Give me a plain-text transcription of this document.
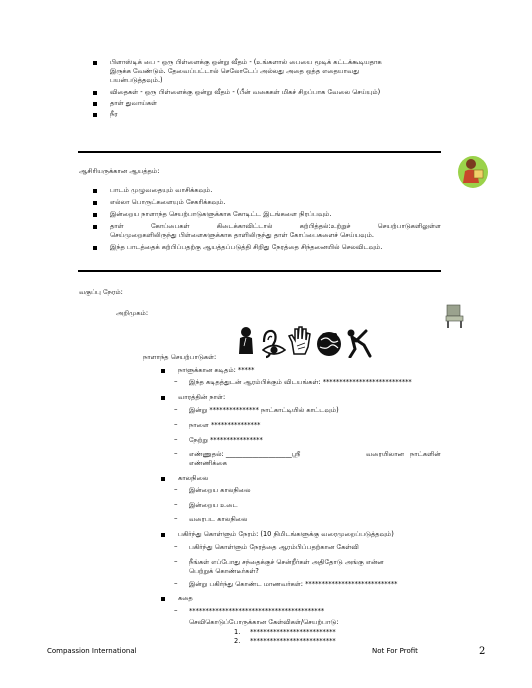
பிளாஸ்டிக் பை - ஒரு பிள்ளைக்கு ஒன்று வீதம் - (உங்களால் பையை மூடிக் கட்டக்கூடியதாக
இருக்க வேண்டும். தேவைப்பட்டால் செலோடேப் அல்லது அதை ஒத்த எதையாவது
பயன்படுத்தவும்.)
விதைகள் - ஒரு பிள்ளைக்கு ஒன்று வீதம் - (பீன் வகைகள் மிகச் சிறப்பாக வேலை செய்யும்)
தாள் துவாய்கள்
நீர
ஆசிரியருக்கான ஆயத்தம்:
பாடம் முழுவதையும் வாசிக்கவும்.
எல்லா பொருட்களையும் சேகரிக்கவும்.
இன்றைய நாளாந்த செயற்பாடுகளுக்காக கோடிட்ட இடங்களை நிரப்பவும்.
தாள் கோப்பைகள் கிடைக்காவிட்டால் கற்பித்தல்:உற்றுச் செயற்பாடுகளிலுள்ள
செய்முறைகளிலிருந்து பிள்ளைகளுக்காக தாளிலிருந்து தாள் கோப்பைகளைச் செய்யவும்.
இந்த பாடத்தைக் கற்பிப்பதற்கு ஆயத்தப்படுத்தி சிறிது நேரத்தை சிந்தனையில் செலவிடவும்.
வகுப்பு நேரம்:
அறிமுகம்:
நாளாந்த செயற்பாடுகள்:
நாளுக்கான கடிதம்: *****
– இந்த கடிதத்துடன் ஆரம்பிக்கும் விடயங்கள்: ***************************
வாரத்தின் நாள்:
– இன்று *************** நாட்காட்டியில் காட்டவும்)
– நாளை ***************
– நேற்று ****************
– எண்ணுதல்: ____________________ஸ்ரீ	வரையிலான நாட்களின்
எண்ணிக்கை
காலநிலை
– இன்றைய காலநிலை
– இன்றைய உடை
– வரைபட காலநிலை
பகிர்ந்து கொள்ளும் நேரம்: (10 நிமிடங்களுக்கு வரைமுறைப்படுத்தவும்)
– பகிர்ந்து கொள்ளும் நேரத்தை ஆரம்பிப்பதற்கான கேள்வி
– நீங்கள் எப்போது சந்தைக்குச் சென்றீர்கள் அதிதோடு அங்கு என்ன
பெற்றுக் கொண்டீர்கள்?
– இன்று பகிர்ந்து கொண்ட மாணவர்கள்: ****************************
கதை
– *****************************************
செவிகொடுப்போருக்கான கேள்விகள்/செயற்பாடு:
1. **************************
2. **************************
Compassion International	Not For Profit	2
